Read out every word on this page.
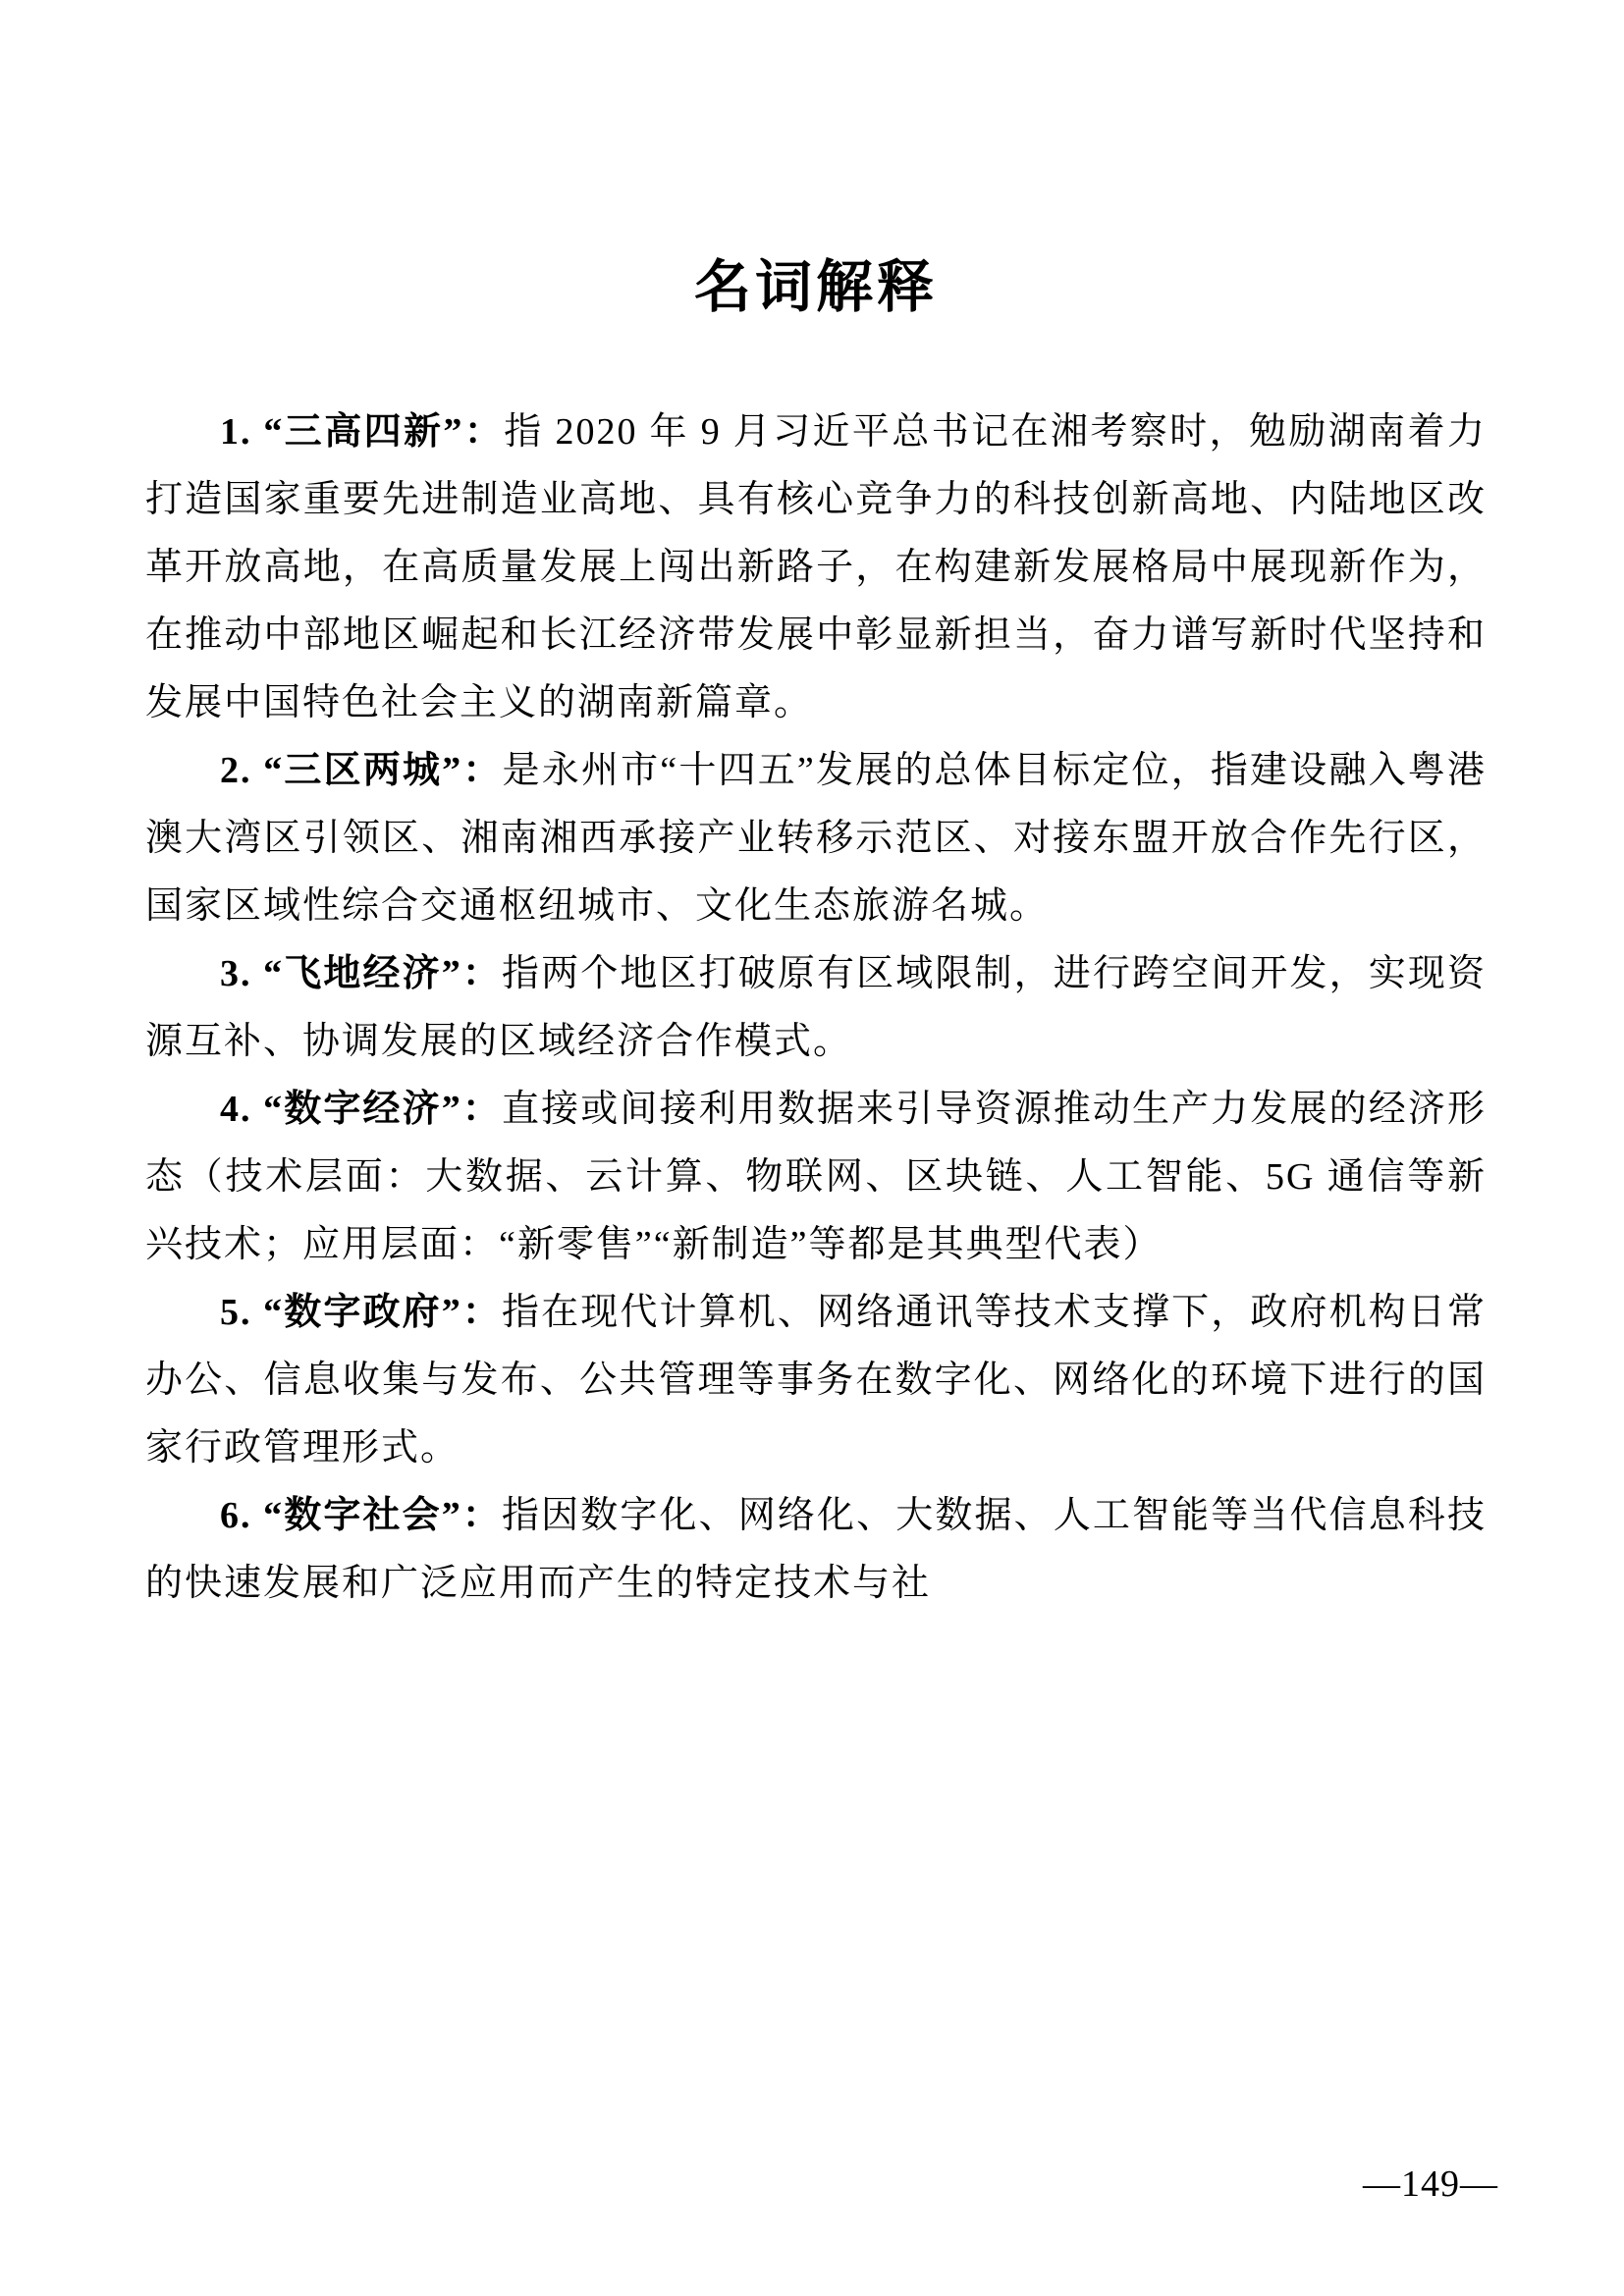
名词解释

1. “三高四新”：指 2020 年 9 月习近平总书记在湘考察时，勉励湖南着力打造国家重要先进制造业高地、具有核心竞争力的科技创新高地、内陆地区改革开放高地，在高质量发展上闯出新路子，在构建新发展格局中展现新作为，在推动中部地区崛起和长江经济带发展中彰显新担当，奋力谱写新时代坚持和发展中国特色社会主义的湖南新篇章。

2. “三区两城”：是永州市“十四五”发展的总体目标定位，指建设融入粤港澳大湾区引领区、湘南湘西承接产业转移示范区、对接东盟开放合作先行区，国家区域性综合交通枢纽城市、文化生态旅游名城。

3. “飞地经济”：指两个地区打破原有区域限制，进行跨空间开发，实现资源互补、协调发展的区域经济合作模式。

4. “数字经济”：直接或间接利用数据来引导资源推动生产力发展的经济形态（技术层面：大数据、云计算、物联网、区块链、人工智能、5G 通信等新兴技术；应用层面：“新零售”“新制造”等都是其典型代表）

5. “数字政府”：指在现代计算机、网络通讯等技术支撑下，政府机构日常办公、信息收集与发布、公共管理等事务在数字化、网络化的环境下进行的国家行政管理形式。

6. “数字社会”：指因数字化、网络化、大数据、人工智能等当代信息科技的快速发展和广泛应用而产生的特定技术与社

—149—
